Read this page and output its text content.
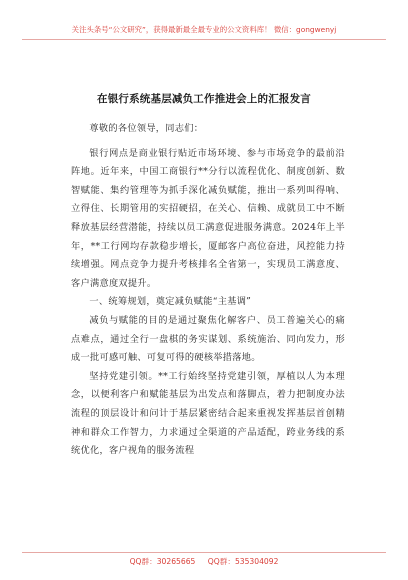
关注头条号“公文研究”，获得最新最全最专业的公文资料库！ 微信：gongwenyj
在银行系统基层减负工作推进会上的汇报发言

尊敬的各位领导，同志们：

银行网点是商业银行贴近市场环境、参与市场竞争的最前沿阵地。近年来，中国工商银行**分行以流程优化、制度创新、数智赋能、集约管理等为抓手深化减负赋能，推出一系列叫得响、立得住、长期管用的实招硬招，在关心、信赖、成就员工中不断释放基层经营潜能，持续以员工满意促进服务满意。2024年上半年，**工行网均存款稳步增长，厦邮客户高位奋进，风控能力持续增强。网点竞争力提升考核排名全省第一，实现员工满意度、客户满意度双提升。

一、统筹规划，奠定减负赋能“主基调”

减负与赋能的目的是通过聚焦化解客户、员工普遍关心的痛点难点，通过全行一盘棋的务实谋划、系统施治、同向发力，形成一批可感可触、可复可得的硬核举措落地。

坚持党建引领。**工行始终坚持党建引领，厚植以人为本理念，以便利客户和赋能基层为出发点和落脚点，着力把制度办法流程的顶层设计和问计于基层紧密结合起来重视发挥基层首创精神和群众工作智力，力求通过全渠道的产品适配，跨业务线的系统优化，客户视角的服务流程

QQ群：30265665 QQ群：535304092
